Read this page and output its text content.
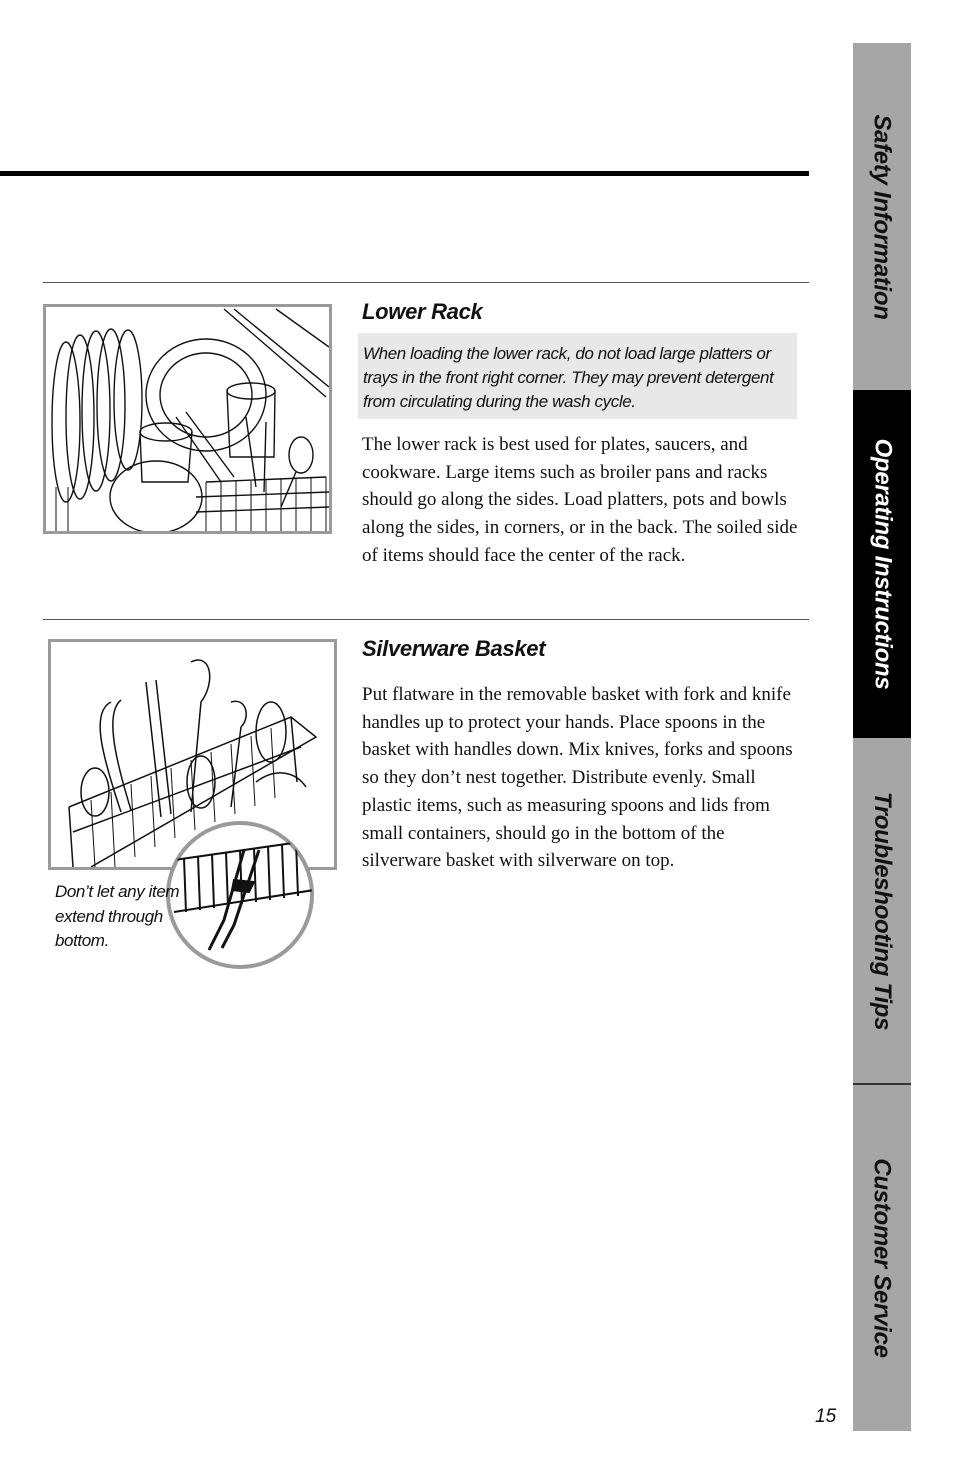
Safety Information
Operating Instructions
Troubleshooting Tips
Customer Service
Lower Rack
When loading the lower rack, do not load large platters or trays in the front right corner. They may prevent detergent from circulating during the wash cycle.

The lower rack is best used for plates, saucers, and cookware. Large items such as broiler pans and racks should go along the sides. Load platters, pots and bowls along the sides, in corners, or in the back. The soiled side of items should face the center of the rack.

Don’t let any item extend through bottom.
Silverware Basket

Put flatware in the removable basket with fork and knife handles up to protect your hands. Place spoons in the basket with handles down. Mix knives, forks and spoons so they don’t nest together. Distribute evenly. Small plastic items, such as measuring spoons and lids from small containers, should go in the bottom of the silverware basket with silverware on top.

15
